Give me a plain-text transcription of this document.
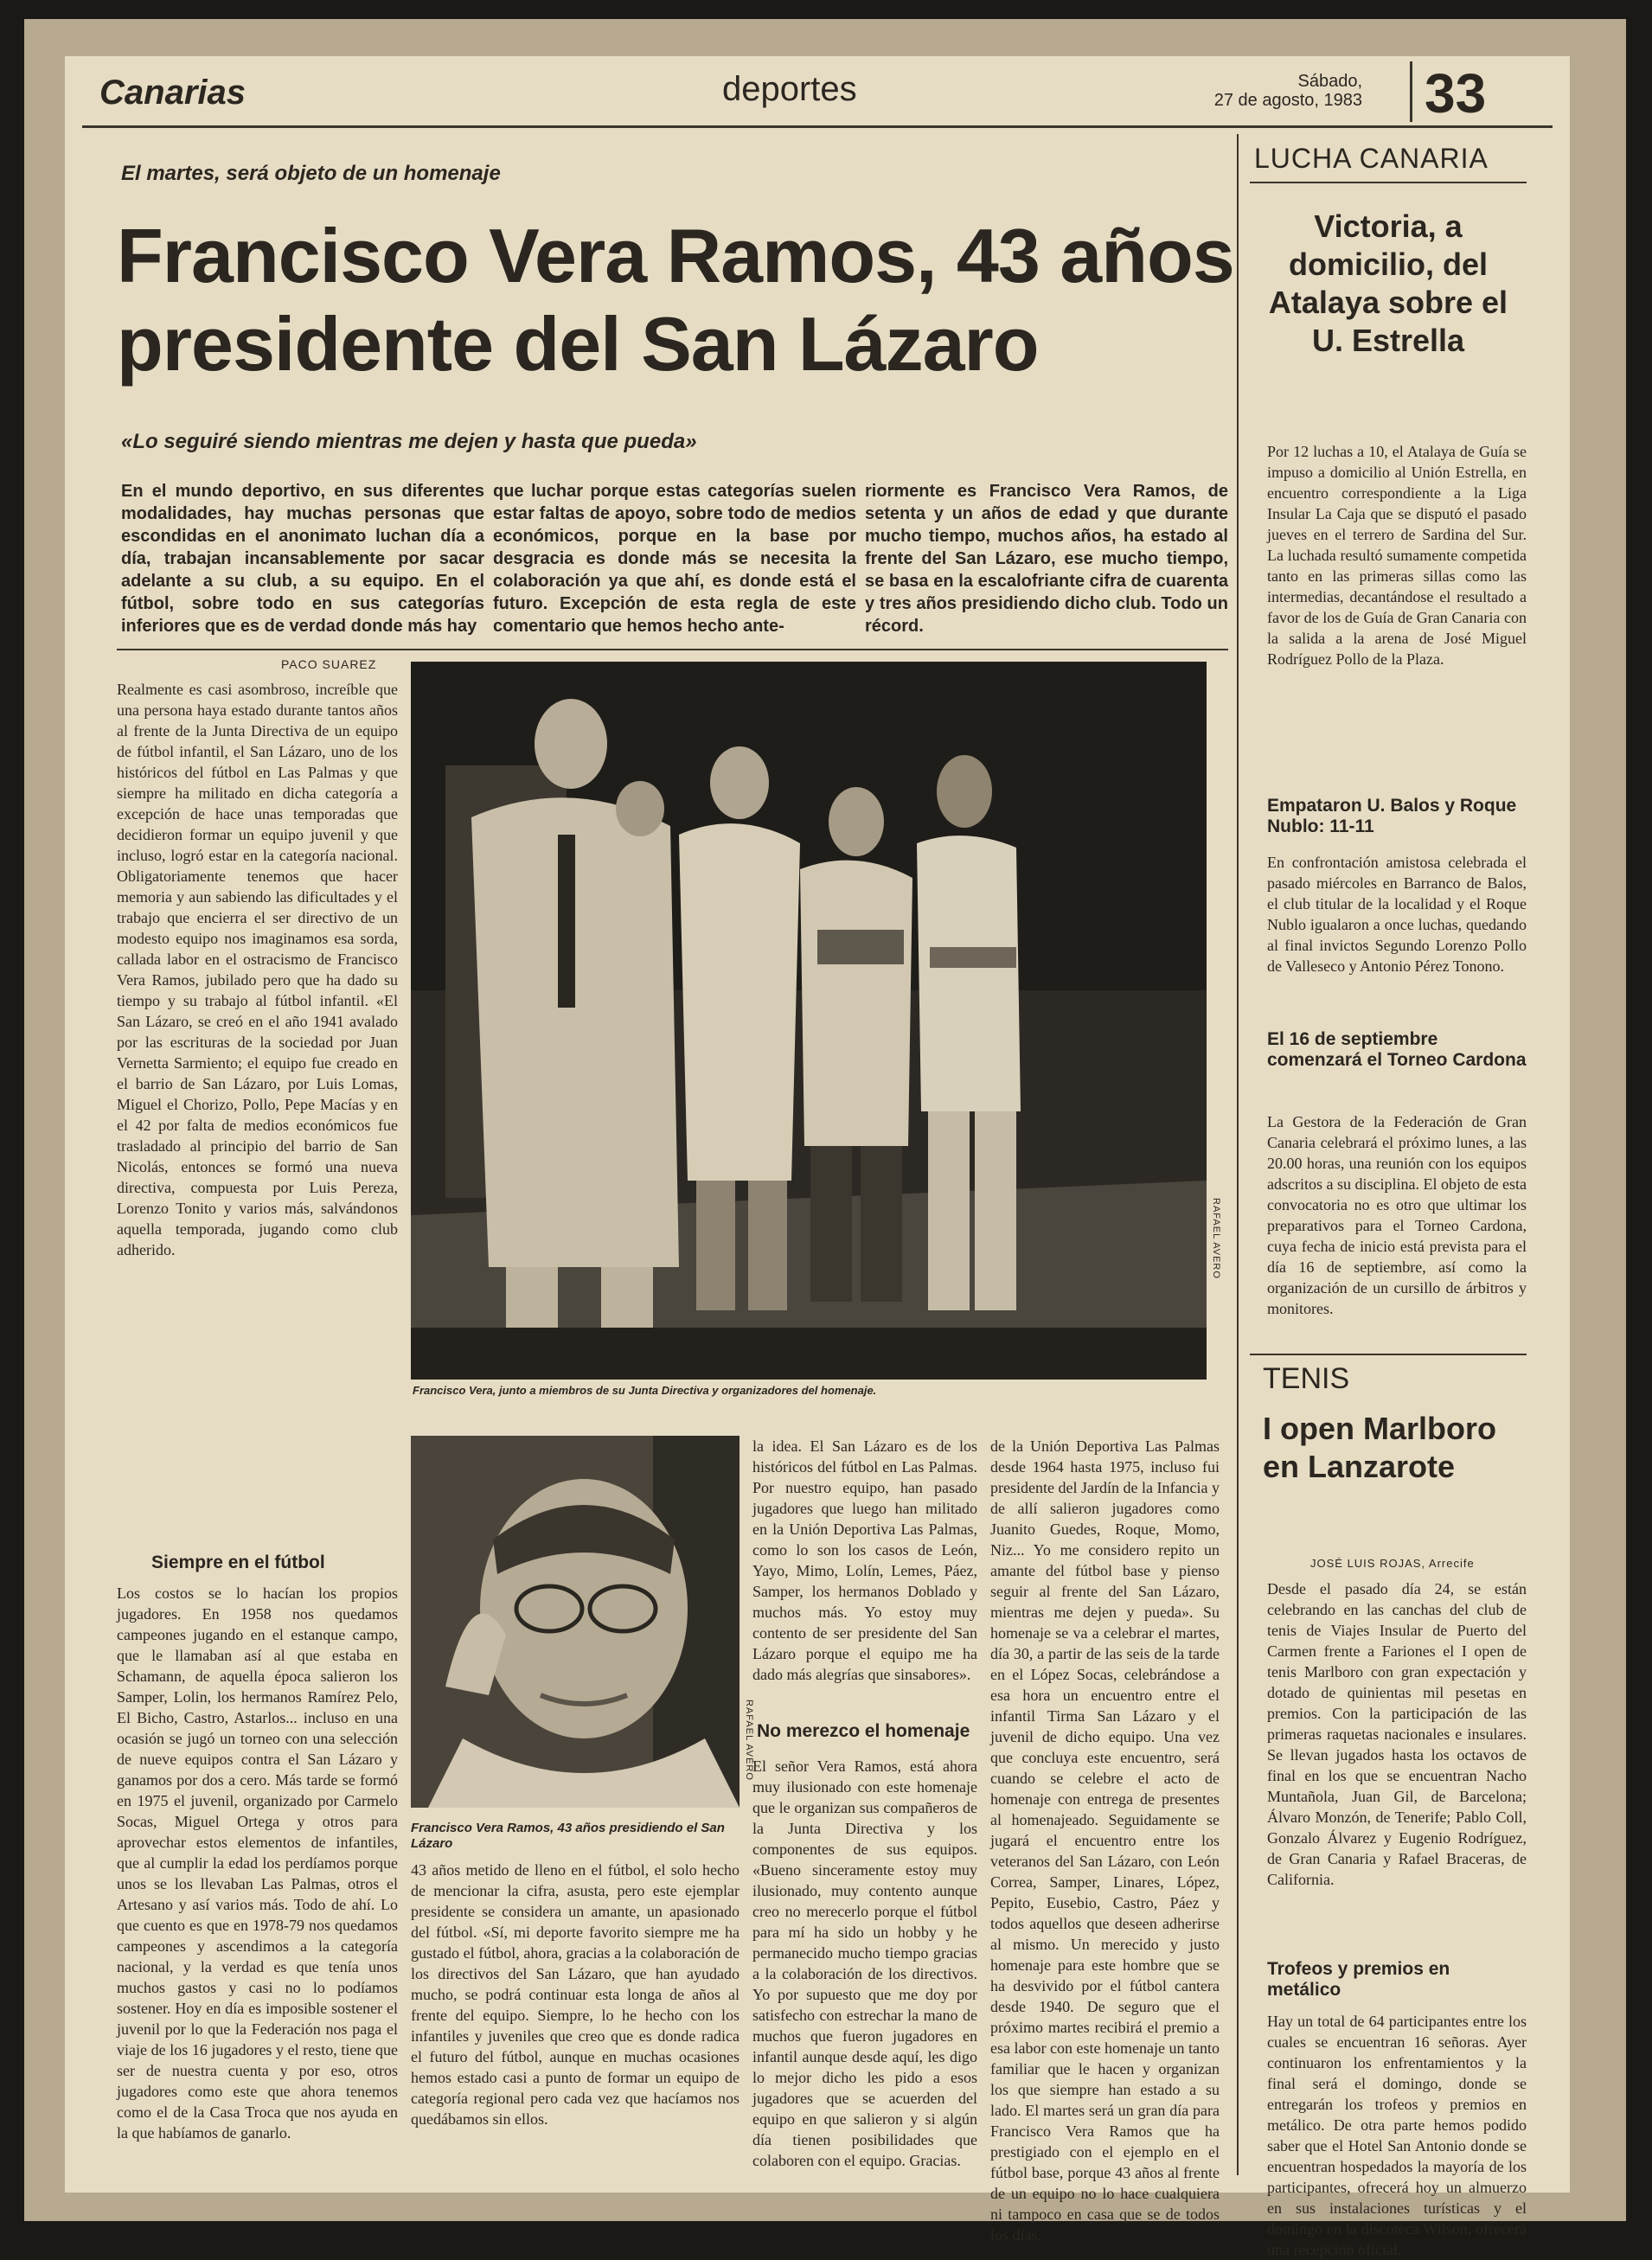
Canarias	deportes	Sábado,
27 de agosto, 1983 33
El martes, será objeto de un homenaje
Francisco Vera Ramos, 43 años
presidente del San Lázaro
«Lo seguiré siendo mientras me dejen y hasta que pueda»
En el mundo deportivo, en sus diferentes modalidades, hay muchas personas que escondidas en el anonimato luchan día a día, trabajan incansablemente por sacar adelante a su club, a su equipo. En el fútbol, sobre todo en sus categorías inferiores que es de verdad donde más hay
que luchar porque estas categorías suelen estar faltas de apoyo, sobre todo de medios económicos, porque en la base por desgracia es donde más se necesita la colaboración ya que ahí, es donde está el futuro. Excepción de esta regla de este comentario que hemos hecho ante-
riormente es Francisco Vera Ramos, de setenta y un años de edad y que durante mucho tiempo, muchos años, ha estado al frente del San Lázaro, ese mucho tiempo, se basa en la escalofriante cifra de cuarenta y tres años presidiendo dicho club. Todo un récord.
PACO SUAREZ
Realmente es casi asombroso, increíble que una persona haya estado durante tantos años al frente de la Junta Directiva de un equipo de fútbol infantil, el San Lázaro, uno de los históricos del fútbol en Las Palmas y que siempre ha militado en dicha categoría a excepción de hace unas temporadas que decidieron formar un equipo juvenil y que incluso, logró estar en la categoría nacional. Obligatoriamente tenemos que hacer memoria y aun sabiendo las dificultades y el trabajo que encierra el ser directivo de un modesto equipo nos imaginamos esa sorda, callada labor en el ostracismo de Francisco Vera Ramos, jubilado pero que ha dado su tiempo y su trabajo al fútbol infantil. «El San Lázaro, se creó en el año 1941 avalado por las escrituras de la sociedad por Juan Vernetta Sarmiento; el equipo fue creado en el barrio de San Lázaro, por Luis Lomas, Miguel el Chorizo, Pollo, Pepe Macías y en el 42 por falta de medios económicos fue trasladado al principio del barrio de San Nicolás, entonces se formó una nueva directiva, compuesta por Luis Pereza, Lorenzo Tonito y varios más, salvándonos aquella temporada, jugando como club adherido.
Siempre en el fútbol
Los costos se lo hacían los propios jugadores. En 1958 nos quedamos campeones jugando en el estanque campo, que le llamaban así al que estaba en Schamann, de aquella época salieron los Samper, Lolin, los hermanos Ramírez Pelo, El Bicho, Castro, Astarlos... incluso en una ocasión se jugó un torneo con una selección de nueve equipos contra el San Lázaro y ganamos por dos a cero. Más tarde se formó en 1975 el juvenil, organizado por Carmelo Socas, Miguel Ortega y otros para aprovechar estos elementos de infantiles, que al cumplir la edad los perdíamos porque unos se los llevaban Las Palmas, otros el Artesano y así varios más. Todo de ahí. Lo que cuento es que en 1978-79 nos quedamos campeones y ascendimos a la categoría nacional, y la verdad es que tenía unos muchos gastos y casi no lo podíamos sostener. Hoy en día es imposible sostener el juvenil por lo que la Federación nos paga el viaje de los 16 jugadores y el resto, tiene que ser de nuestra cuenta y por eso, otros jugadores como este que ahora tenemos como el de la Casa Troca que nos ayuda en la que habíamos de ganarlo.
Francisco Vera, junto a miembros de su Junta Directiva y organizadores del homenaje.
RAFAEL AVERO
Francisco Vera Ramos, 43 años presidiendo el San Lázaro
RAFAEL AVERO
43 años metido de lleno en el fútbol, el solo hecho de mencionar la cifra, asusta, pero este ejemplar presidente se considera un amante, un apasionado del fútbol. «Sí, mi deporte favorito siempre me ha gustado el fútbol, ahora, gracias a la colaboración de los directivos del San Lázaro, que han ayudado mucho, se podrá continuar esta longa de años al frente del equipo. Siempre, lo he hecho con los infantiles y juveniles que creo que es donde radica el futuro del fútbol, aunque en muchas ocasiones hemos estado casi a punto de formar un equipo de categoría regional pero cada vez que hacíamos nos quedábamos sin ellos.
la idea. El San Lázaro es de los históricos del fútbol en Las Palmas. Por nuestro equipo, han pasado jugadores que luego han militado en la Unión Deportiva Las Palmas, como lo son los casos de León, Yayo, Mimo, Lolín, Lemes, Páez, Samper, los hermanos Doblado y muchos más. Yo estoy muy contento de ser presidente del San Lázaro porque el equipo me ha dado más alegrías que sinsabores».
No merezco el homenaje
El señor Vera Ramos, está ahora muy ilusionado con este homenaje que le organizan sus compañeros de la Junta Directiva y los componentes de sus equipos. «Bueno sinceramente estoy muy ilusionado, muy contento aunque creo no merecerlo porque el fútbol para mí ha sido un hobby y he permanecido mucho tiempo gracias a la colaboración de los directivos. Yo por supuesto que me doy por satisfecho con estrechar la mano de muchos que fueron jugadores en infantil aunque desde aquí, les digo lo mejor dicho les pido a esos jugadores que se acuerden del equipo en que salieron y si algún día tienen posibilidades que colaboren con el equipo. Gracias.
de la Unión Deportiva Las Palmas desde 1964 hasta 1975, incluso fui presidente del Jardín de la Infancia y de allí salieron jugadores como Juanito Guedes, Roque, Momo, Niz... Yo me considero repito un amante del fútbol base y pienso seguir al frente del San Lázaro, mientras me dejen y pueda». Su homenaje se va a celebrar el martes, día 30, a partir de las seis de la tarde en el López Socas, celebrándose a esa hora un encuentro entre el infantil Tirma San Lázaro y el juvenil de dicho equipo. Una vez que concluya este encuentro, será cuando se celebre el acto de homenaje con entrega de presentes al homenajeado. Seguidamente se jugará el encuentro entre los veteranos del San Lázaro, con León Correa, Samper, Linares, López, Pepito, Eusebio, Castro, Páez y todos aquellos que deseen adherirse al mismo. Un merecido y justo homenaje para este hombre que se ha desvivido por el fútbol cantera desde 1940. De seguro que el próximo martes recibirá el premio a esa labor con este homenaje un tanto familiar que le hacen y organizan los que siempre han estado a su lado. El martes será un gran día para Francisco Vera Ramos que ha prestigiado con el ejemplo en el fútbol base, porque 43 años al frente de un equipo no lo hace cualquiera ni tampoco en casa que se de todos los días.
LUCHA CANARIA
Victoria, a domicilio, del Atalaya sobre el U. Estrella
Por 12 luchas a 10, el Atalaya de Guía se impuso a domicilio al Unión Estrella, en encuentro correspondiente a la Liga Insular La Caja que se disputó el pasado jueves en el terrero de Sardina del Sur. La luchada resultó sumamente competida tanto en las primeras sillas como las intermedias, decantándose el resultado a favor de los de Guía de Gran Canaria con la salida a la arena de José Miguel Rodríguez Pollo de la Plaza.
Empataron U. Balos y Roque Nublo: 11-11
En confrontación amistosa celebrada el pasado miércoles en Barranco de Balos, el club titular de la localidad y el Roque Nublo igualaron a once luchas, quedando al final invictos Segundo Lorenzo Pollo de Valleseco y Antonio Pérez Tonono.
El 16 de septiembre comenzará el Torneo Cardona
La Gestora de la Federación de Gran Canaria celebrará el próximo lunes, a las 20.00 horas, una reunión con los equipos adscritos a su disciplina. El objeto de esta convocatoria no es otro que ultimar los preparativos para el Torneo Cardona, cuya fecha de inicio está prevista para el día 16 de septiembre, así como la organización de un cursillo de árbitros y monitores.
TENIS
I open Marlboro en Lanzarote
JOSÉ LUIS ROJAS, Arrecife
Desde el pasado día 24, se están celebrando en las canchas del club de tenis de Viajes Insular de Puerto del Carmen frente a Fariones el I open de tenis Marlboro con gran expectación y dotado de quinientas mil pesetas en premios. Con la participación de las primeras raquetas nacionales e insulares. Se llevan jugados hasta los octavos de final en los que se encuentran Nacho Muntañola, Juan Gil, de Barcelona; Álvaro Monzón, de Tenerife; Pablo Coll, Gonzalo Álvarez y Eugenio Rodríguez, de Gran Canaria y Rafael Braceras, de California.
Trofeos y premios en metálico
Hay un total de 64 participantes entre los cuales se encuentran 16 señoras. Ayer continuaron los enfrentamientos y la final será el domingo, donde se entregarán los trofeos y premios en metálico. De otra parte hemos podido saber que el Hotel San Antonio donde se encuentran hospedados la mayoría de los participantes, ofrecerá hoy un almuerzo en sus instalaciones turísticas y el domingo en la discoteca Wilson, ofrecerá una recepción oficial.
